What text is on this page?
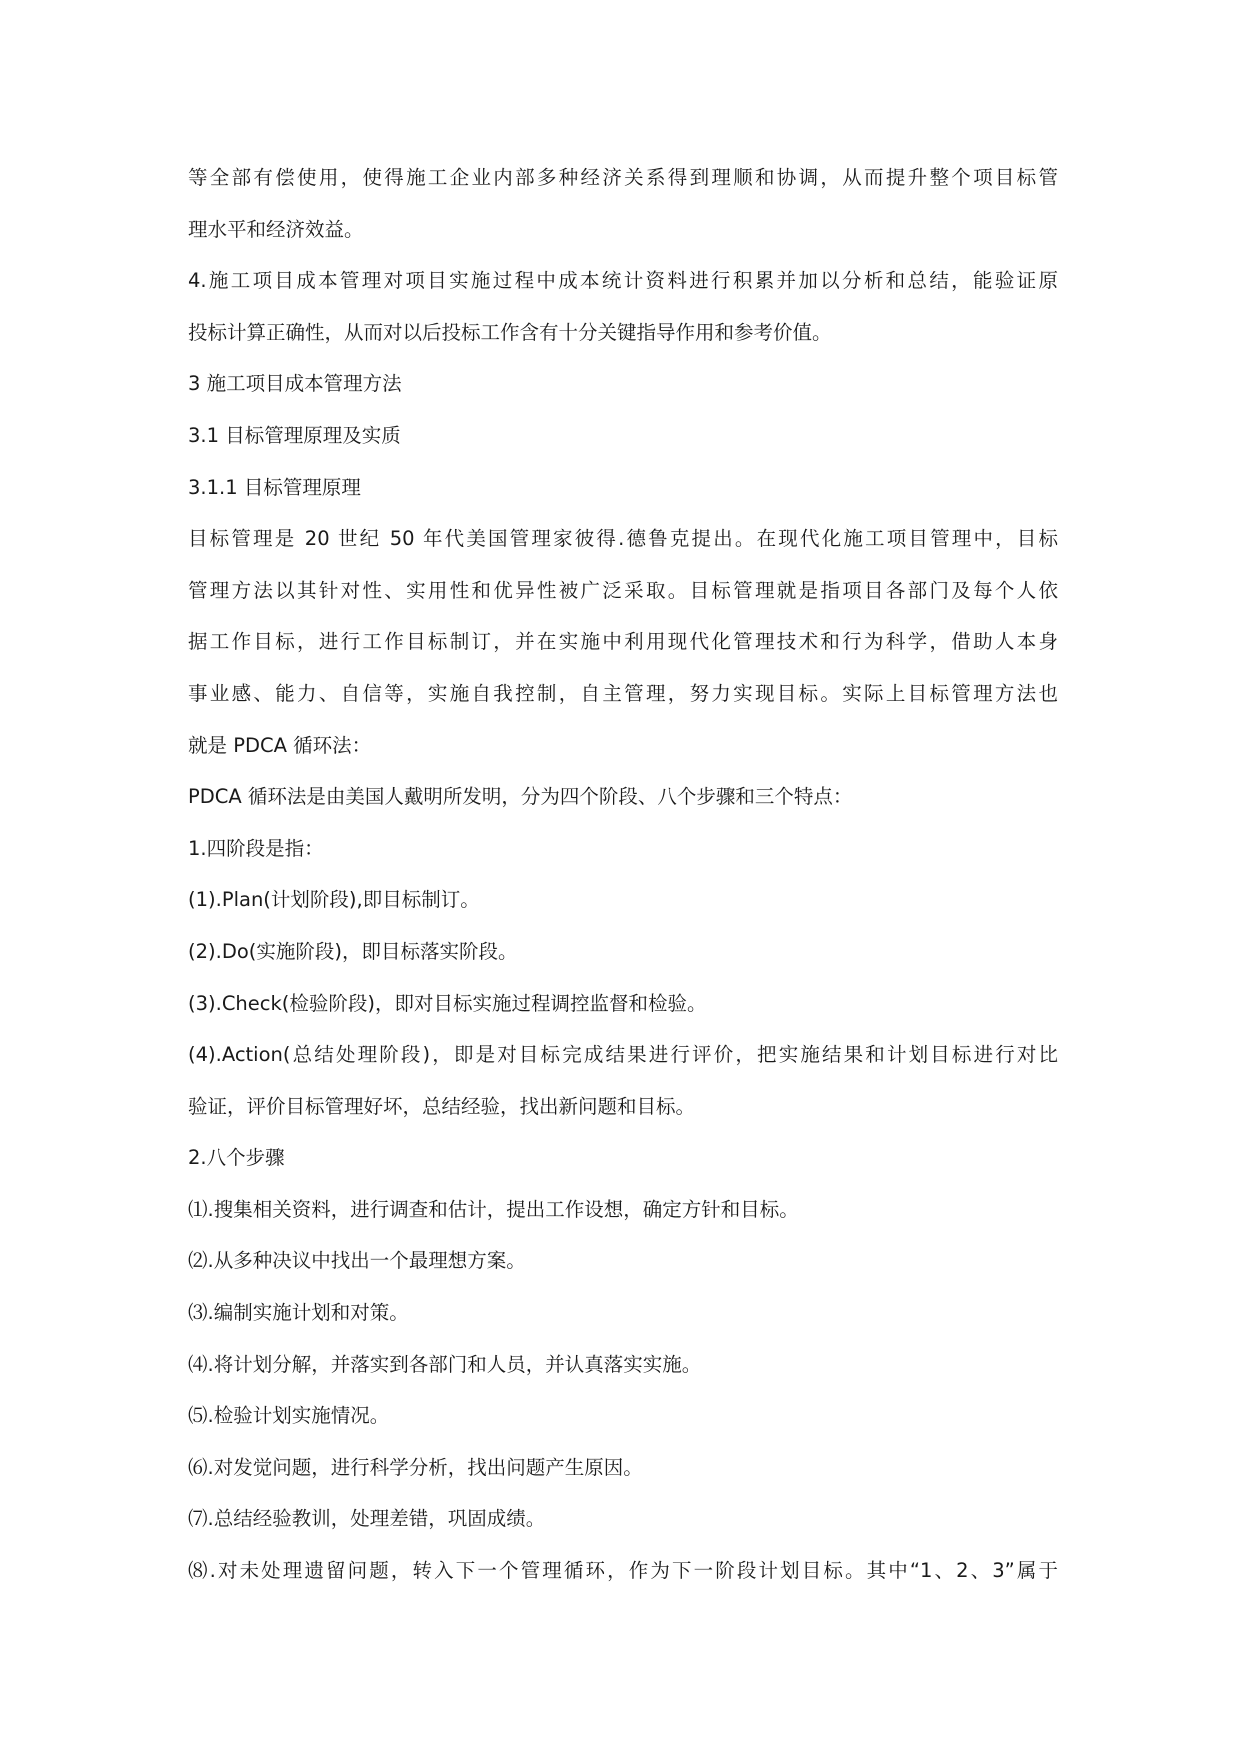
等全部有偿使用，使得施工企业内部多种经济关系得到理顺和协调，从而提升整个项目标管
理水平和经济效益。
4.施工项目成本管理对项目实施过程中成本统计资料进行积累并加以分析和总结，能验证原
投标计算正确性，从而对以后投标工作含有十分关键指导作用和参考价值。
3 施工项目成本管理方法
3.1 目标管理原理及实质
3.1.1 目标管理原理
目标管理是 20 世纪 50 年代美国管理家彼得.德鲁克提出。在现代化施工项目管理中，目标
管理方法以其针对性、实用性和优异性被广泛采取。目标管理就是指项目各部门及每个人依
据工作目标，进行工作目标制订，并在实施中利用现代化管理技术和行为科学，借助人本身
事业感、能力、自信等，实施自我控制，自主管理，努力实现目标。实际上目标管理方法也
就是 PDCA 循环法：
PDCA 循环法是由美国人戴明所发明，分为四个阶段、八个步骤和三个特点：
1.四阶段是指：
(1).Plan(计划阶段),即目标制订。
(2).Do(实施阶段)，即目标落实阶段。
(3).Check(检验阶段)，即对目标实施过程调控监督和检验。
(4).Action(总结处理阶段)，即是对目标完成结果进行评价，把实施结果和计划目标进行对比
验证，评价目标管理好坏，总结经验，找出新问题和目标。
2.八个步骤
⑴.搜集相关资料，进行调查和估计，提出工作设想，确定方针和目标。
⑵.从多种决议中找出一个最理想方案。
⑶.编制实施计划和对策。
⑷.将计划分解，并落实到各部门和人员，并认真落实实施。
⑸.检验计划实施情况。
⑹.对发觉问题，进行科学分析，找出问题产生原因。
⑺.总结经验教训，处理差错，巩固成绩。
⑻.对未处理遗留问题，转入下一个管理循环，作为下一阶段计划目标。其中“1、2、3”属于
